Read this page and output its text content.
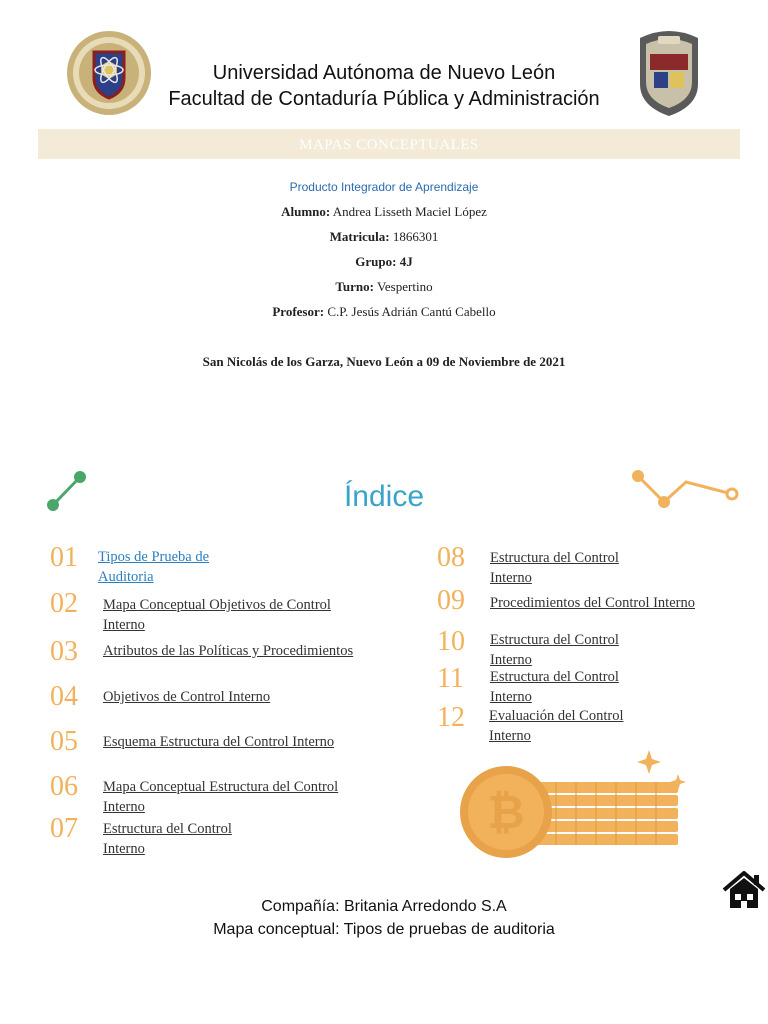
Universidad Autónoma de Nuevo León
Facultad de Contaduría Pública y Administración
MAPAS CONCEPTUALES
Producto Integrador de Aprendizaje
Alumno: Andrea Lisseth Maciel López
Matricula: 1866301
Grupo: 4J
Turno: Vespertino
Profesor: C.P. Jesús Adrián Cantú Cabello
San Nicolás de los Garza, Nuevo León a 09 de Noviembre de 2021
Índice
01 Tipos de Prueba de
Auditoria
02 Mapa Conceptual Objetivos de Control
Interno
03 Atributos de las Políticas y Procedimientos
04 Objetivos de Control Interno
05 Esquema Estructura del Control Interno
06 Mapa Conceptual Estructura del Control
Interno
07 Estructura del Control
Interno
08 Estructura del Control
Interno
09 Procedimientos del Control Interno
10 Estructura del Control
Interno
11 Estructura del Control
Interno
12 Evaluación del Control
Interno
₿
Compañía: Britania Arredondo S.A
Mapa conceptual: Tipos de pruebas de auditoria
